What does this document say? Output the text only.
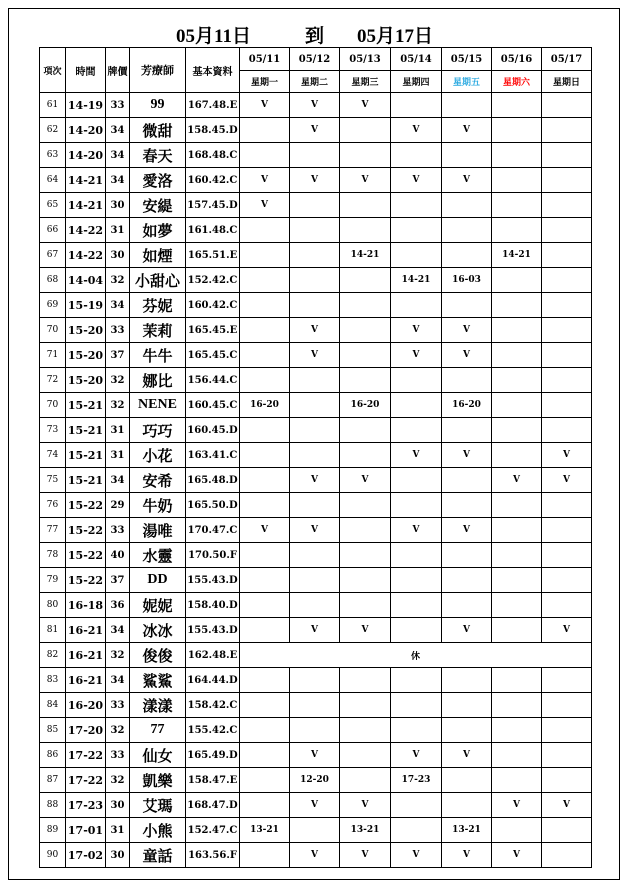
05月11日	到 05月17日
項次	時間	牌價	芳療師	基本資料	05/11	05/12	05/13	05/14	05/15	05/16	05/17
					星期一	星期二	星期三	星期四	星期五	星期六	星期日
61	14-19	33	99	167.48.E	V	V	V				
62	14-20	34	微甜	158.45.D		V		V	V		
63	14-20	34	春天	168.48.C							
64	14-21	34	愛洛	160.42.C	V	V	V	V	V		
65	14-21	30	安緹	157.45.D	V						
66	14-22	31	如夢	161.48.C							
67	14-22	30	如煙	165.51.E			14-21			14-21	
68	14-04	32	小甜心	152.42.C				14-21	16-03		
69	15-19	34	芬妮	160.42.C							
70	15-20	33	茉莉	165.45.E		V		V	V		
71	15-20	37	牛牛	165.45.C		V		V	V		
72	15-20	32	娜比	156.44.C							
70	15-21	32	NENE	160.45.C	16-20		16-20		16-20		
73	15-21	31	巧巧	160.45.D							
74	15-21	31	小花	163.41.C				V	V		V
75	15-21	34	安希	165.48.D		V	V			V	V
76	15-22	29	牛奶	165.50.D							
77	15-22	33	湯唯	170.47.C	V	V		V	V		
78	15-22	40	水靈	170.50.F							
79	15-22	37	DD	155.43.D							
80	16-18	36	妮妮	158.40.D							
81	16-21	34	冰冰	155.43.D		V	V		V		V
82	16-21	32	俊俊	162.48.E	休						
83	16-21	34	鯊鯊	164.44.D							
84	16-20	33	漾漾	158.42.C							
85	17-20	32	77	155.42.C							
86	17-22	33	仙女	165.49.D		V		V	V		
87	17-22	32	凱樂	158.47.E		12-20		17-23			
88	17-23	30	艾瑪	168.47.D		V	V			V	V
89	17-01	31	小熊	152.47.C	13-21		13-21		13-21		
90	17-02	30	童話	163.56.F		V	V	V	V	V	
